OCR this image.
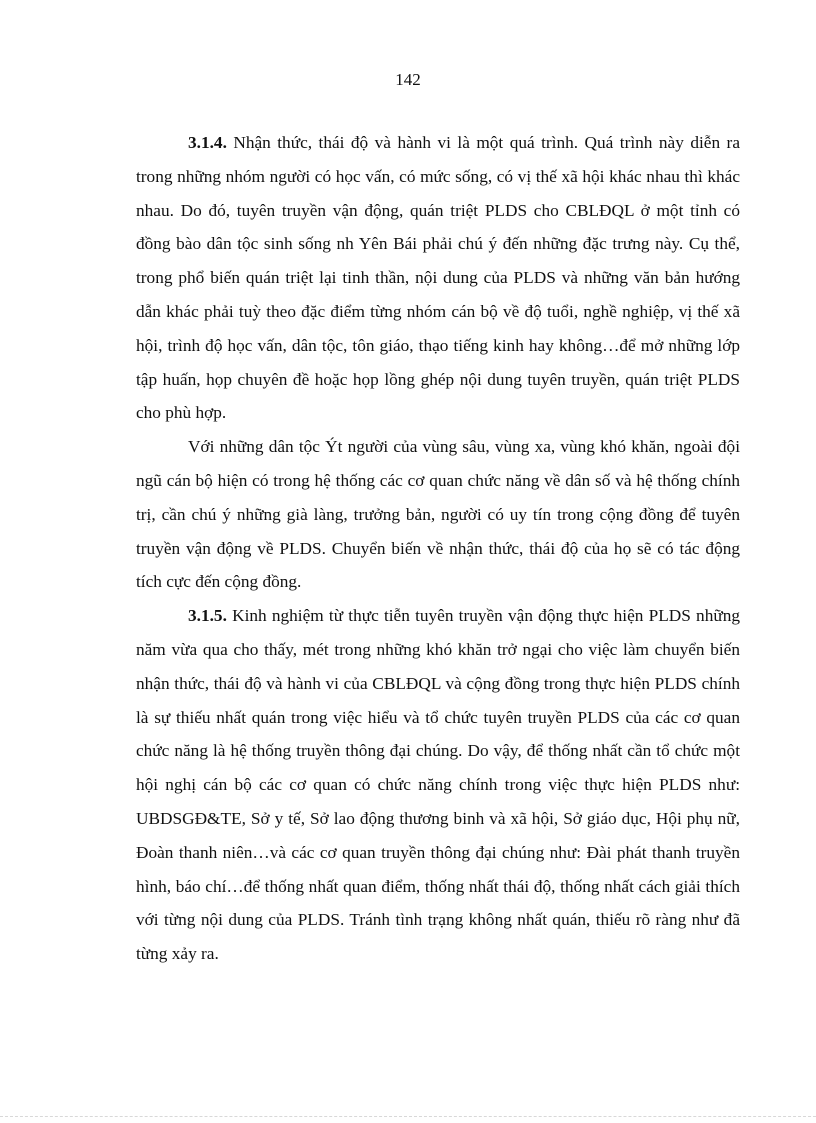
142

3.1.4. Nhận thức, thái độ và hành vi là một quá trình. Quá trình này diễn ra trong những nhóm người có học vấn, có mức sống, có vị thế xã hội khác nhau thì khác nhau. Do đó, tuyên truyền vận động, quán triệt PLDS cho CBLĐQL ở một tỉnh có đồng bào dân tộc sinh sống nh Yên Bái phải chú ý đến những đặc trưng này. Cụ thể, trong phổ biến quán triệt lại tinh thần, nội dung của PLDS và những văn bản hướng dẫn khác phải tuỳ theo đặc điểm từng nhóm cán bộ về độ tuổi, nghề nghiệp, vị thế xã hội, trình độ học vấn, dân tộc, tôn giáo, thạo tiếng kinh hay không…để mở những lớp tập huấn, họp chuyên đề hoặc họp lồng ghép nội dung tuyên truyền, quán triệt PLDS cho phù hợp.

Với những dân tộc Ýt người của vùng sâu, vùng xa, vùng khó khăn, ngoài đội ngũ cán bộ hiện có trong hệ thống các cơ quan chức năng về dân số và hệ thống chính trị, cần chú ý những già làng, trưởng bản, người có uy tín trong cộng đồng để tuyên truyền vận động về PLDS. Chuyển biến về nhận thức, thái độ của họ sẽ có tác động tích cực đến cộng đồng.

3.1.5. Kinh nghiệm từ thực tiễn tuyên truyền vận động thực hiện PLDS những năm vừa qua cho thấy, mét trong những khó khăn trở ngại cho việc làm chuyển biến nhận thức, thái độ và hành vi của CBLĐQL và cộng đồng trong thực hiện PLDS chính là sự thiếu nhất quán trong việc hiểu và tổ chức tuyên truyền PLDS của các cơ quan chức năng là hệ thống truyền thông đại chúng. Do vậy, để thống nhất cần tổ chức một hội nghị cán bộ các cơ quan có chức năng chính trong việc thực hiện PLDS như: UBDSGĐ&TE, Sở y tế, Sở lao động thương binh và xã hội, Sở giáo dục, Hội phụ nữ, Đoàn thanh niên…và các cơ quan truyền thông đại chúng như: Đài phát thanh truyền hình, báo chí…để thống nhất quan điểm, thống nhất thái độ, thống nhất cách giải thích với từng nội dung của PLDS. Tránh tình trạng không nhất quán, thiếu rõ ràng như đã từng xảy ra.
